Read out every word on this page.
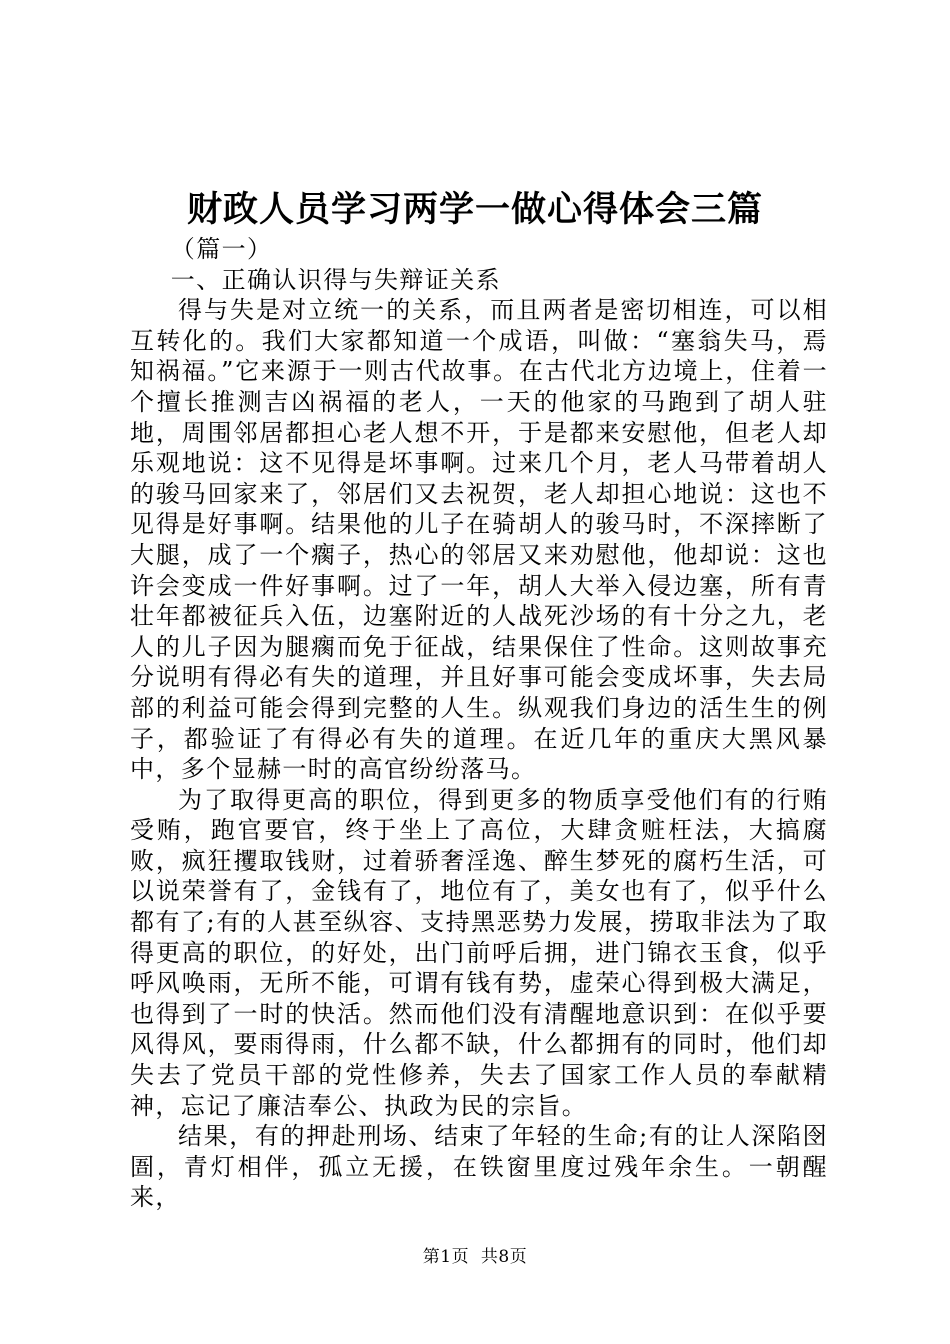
财政人员学习两学一做心得体会三篇

（篇一）

一、正确认识得与失辩证关系

得与失是对立统一的关系，而且两者是密切相连，可以相互转化的。我们大家都知道一个成语，叫做：“塞翁失马，焉知祸福。”它来源于一则古代故事。在古代北方边境上，住着一个擅长推测吉凶祸福的老人，一天的他家的马跑到了胡人驻地，周围邻居都担心老人想不开，于是都来安慰他，但老人却乐观地说：这不见得是坏事啊。过来几个月，老人马带着胡人的骏马回家来了，邻居们又去祝贺，老人却担心地说：这也不见得是好事啊。结果他的儿子在骑胡人的骏马时，不深摔断了大腿，成了一个瘸子，热心的邻居又来劝慰他，他却说：这也许会变成一件好事啊。过了一年，胡人大举入侵边塞，所有青壮年都被征兵入伍，边塞附近的人战死沙场的有十分之九，老人的儿子因为腿瘸而免于征战，结果保住了性命。这则故事充分说明有得必有失的道理，并且好事可能会变成坏事，失去局部的利益可能会得到完整的人生。纵观我们身边的活生生的例子，都验证了有得必有失的道理。在近几年的重庆大黑风暴中，多个显赫一时的高官纷纷落马。

为了取得更高的职位，得到更多的物质享受他们有的行贿受贿，跑官要官，终于坐上了高位，大肆贪赃枉法，大搞腐败，疯狂攫取钱财，过着骄奢淫逸、醉生梦死的腐朽生活，可以说荣誉有了，金钱有了，地位有了，美女也有了，似乎什么都有了;有的人甚至纵容、支持黑恶势力发展，捞取非法为了取得更高的职位，的好处，出门前呼后拥，进门锦衣玉食，似乎呼风唤雨，无所不能，可谓有钱有势，虚荣心得到极大满足，也得到了一时的快活。然而他们没有清醒地意识到：在似乎要风得风，要雨得雨，什么都不缺，什么都拥有的同时，他们却失去了党员干部的党性修养，失去了国家工作人员的奉献精神，忘记了廉洁奉公、执政为民的宗旨。

结果，有的押赴刑场、结束了年轻的生命;有的让人深陷囹圄，青灯相伴，孤立无援，在铁窗里度过残年余生。一朝醒来，

第1页 共8页
